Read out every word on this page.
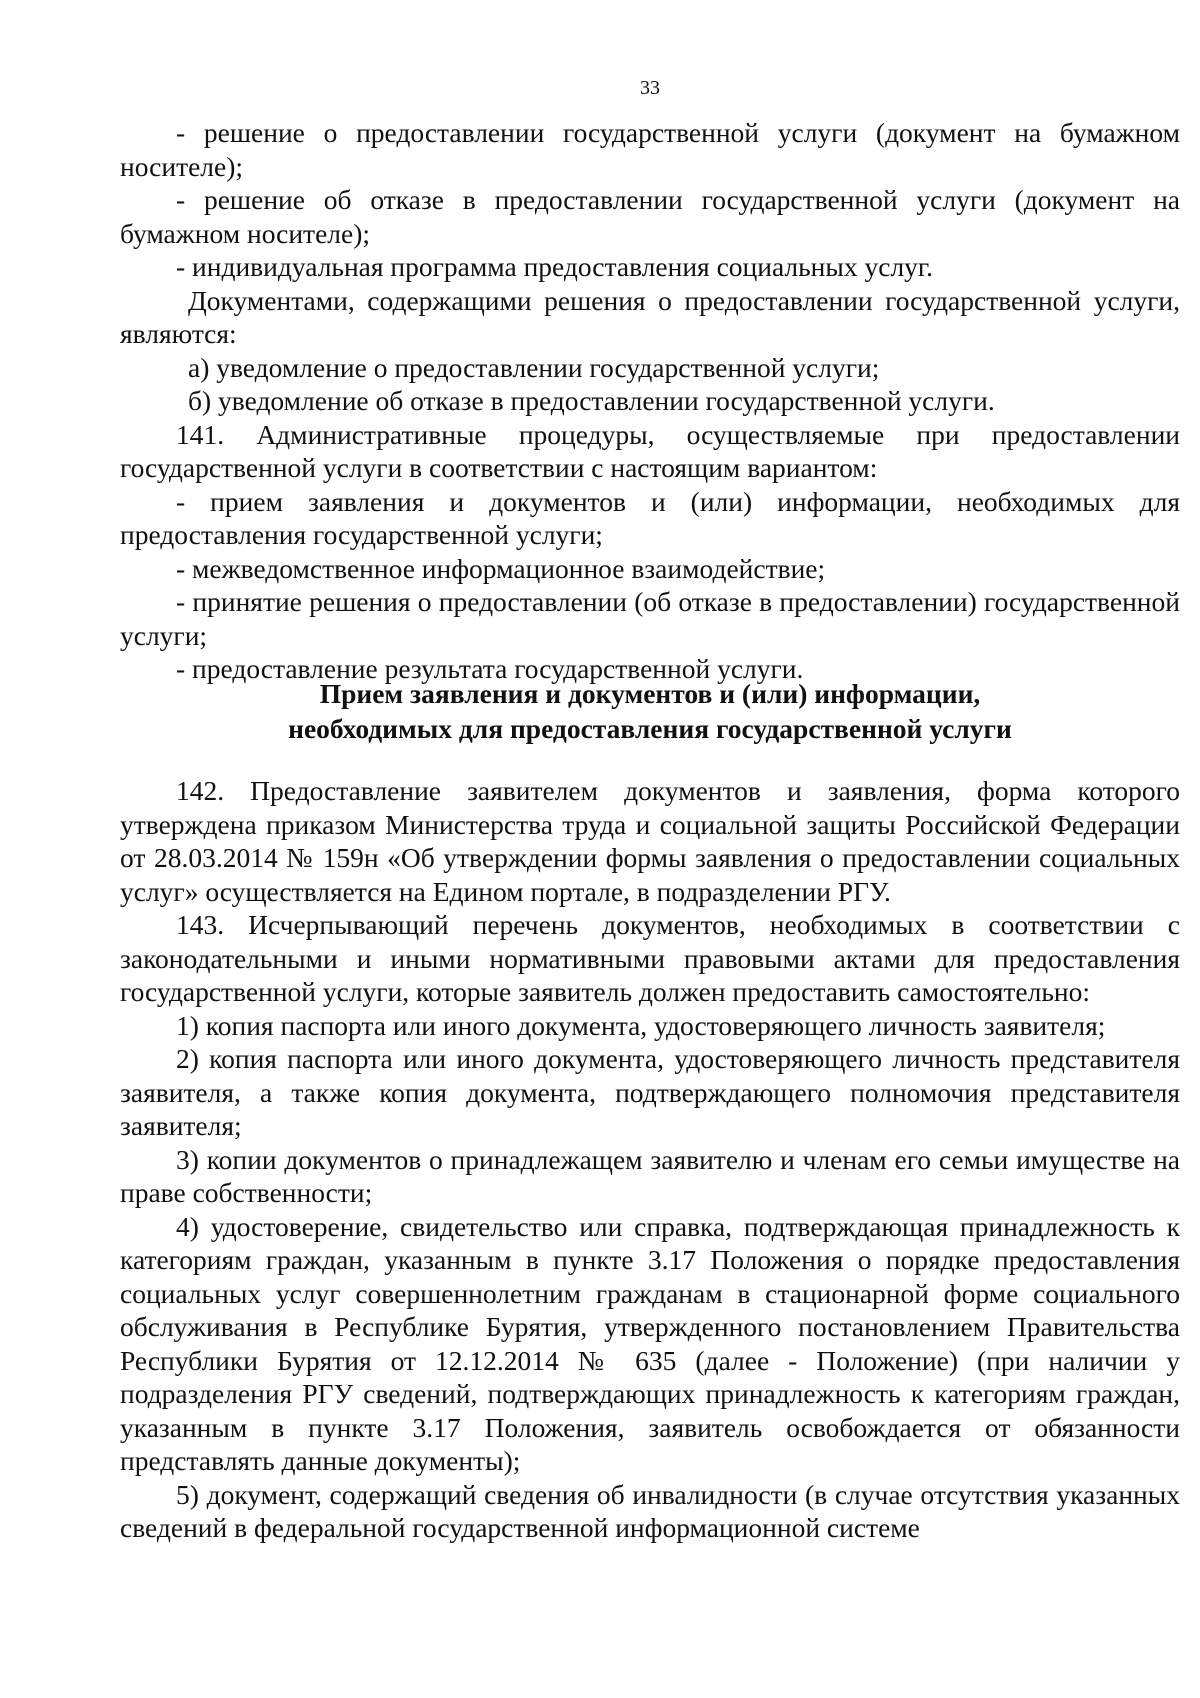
33

- решение о предоставлении государственной услуги (документ на бумажном носителе);

- решение об отказе в предоставлении государственной услуги (документ на бумажном носителе);

- индивидуальная программа предоставления социальных услуг.

Документами, содержащими решения о предоставлении государственной услуги, являются:

а) уведомление о предоставлении государственной услуги;

б) уведомление об отказе в предоставлении государственной услуги.

141. Административные процедуры, осуществляемые при предоставлении государственной услуги в соответствии с настоящим вариантом:

- прием заявления и документов и (или) информации, необходимых для предоставления государственной услуги;

- межведомственное информационное взаимодействие;

- принятие решения о предоставлении (об отказе в предоставлении) государственной услуги;

- предоставление результата государственной услуги.

Прием заявления и документов и (или) информации,
необходимых для предоставления государственной услуги

142. Предоставление заявителем документов и заявления, форма которого утверждена приказом Министерства труда и социальной защиты Российской Федерации от 28.03.2014 № 159н «Об утверждении формы заявления о предоставлении социальных услуг» осуществляется на Едином портале, в подразделении РГУ.

143. Исчерпывающий перечень документов, необходимых в соответствии с законодательными и иными нормативными правовыми актами для предоставления государственной услуги, которые заявитель должен предоставить самостоятельно:

1) копия паспорта или иного документа, удостоверяющего личность заявителя;

2) копия паспорта или иного документа, удостоверяющего личность представителя заявителя, а также копия документа, подтверждающего полномочия представителя заявителя;

3) копии документов о принадлежащем заявителю и членам его семьи имуществе на праве собственности;

4) удостоверение, свидетельство или справка, подтверждающая принадлежность к категориям граждан, указанным в пункте 3.17 Положения о порядке предоставления социальных услуг совершеннолетним гражданам в стационарной форме социального обслуживания в Республике Бурятия, утвержденного постановлением Правительства Республики Бурятия от 12.12.2014 № 635 (далее - Положение) (при наличии у подразделения РГУ сведений, подтверждающих принадлежность к категориям граждан, указанным в пункте 3.17 Положения, заявитель освобождается от обязанности представлять данные документы);

5) документ, содержащий сведения об инвалидности (в случае отсутствия указанных сведений в федеральной государственной информационной системе
